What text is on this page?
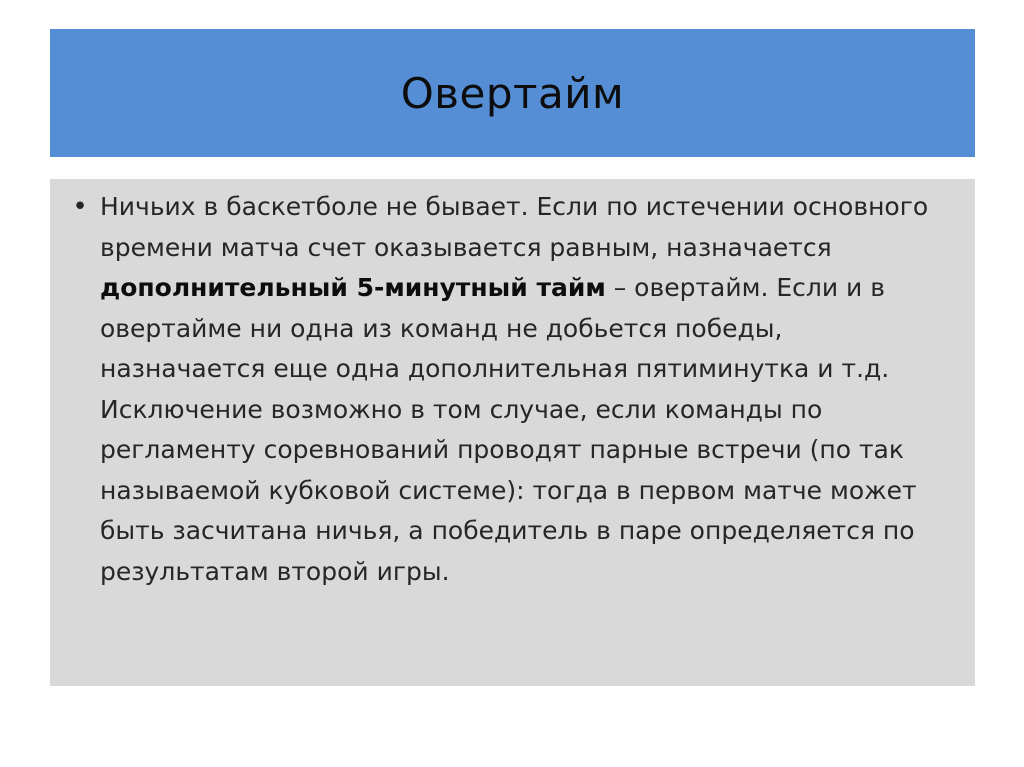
Овертайм
• Ничьих в баскетболе не бывает. Если по истечении основного времени матча счет оказывается равным, назначается дополнительный 5-минутный тайм – овертайм. Если и в овертайме ни одна из команд не добьется победы, назначается еще одна дополнительная пятиминутка и т.д. Исключение возможно в том случае, если команды по регламенту соревнований проводят парные встречи (по так называемой кубковой системе): тогда в первом матче может быть засчитана ничья, а победитель в паре определяется по результатам второй игры.
